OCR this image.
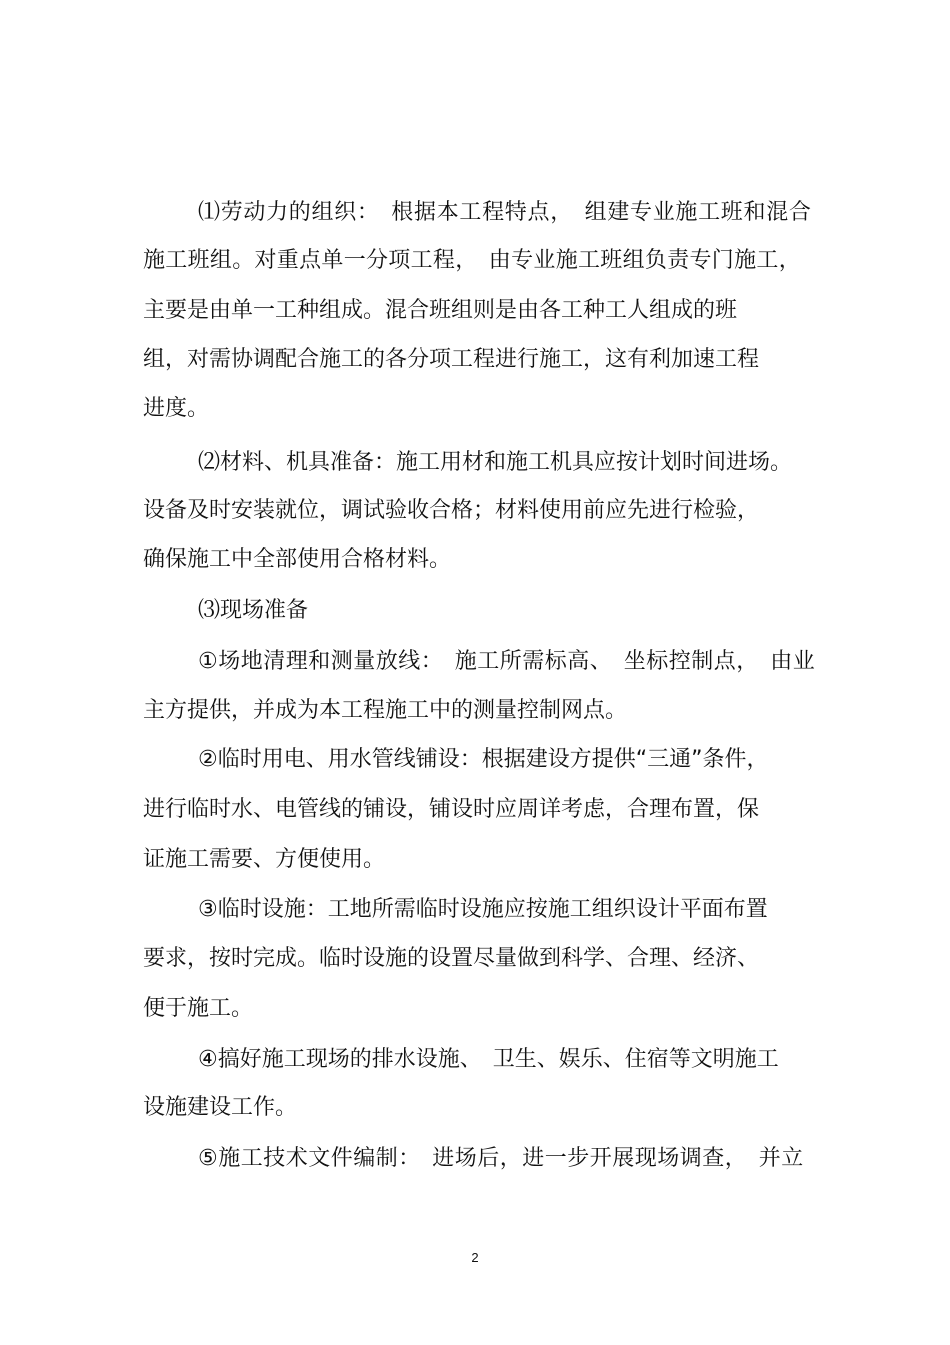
⑴劳动力的组织：　根据本工程特点，　组建专业施工班和混合
施工班组。对重点单一分项工程，　由专业施工班组负责专门施工，
主要是由单一工种组成。混合班组则是由各工种工人组成的班
组，对需协调配合施工的各分项工程进行施工，这有利加速工程
进度。
⑵材料、机具准备：施工用材和施工机具应按计划时间进场。
设备及时安装就位，调试验收合格；材料使用前应先进行检验，
确保施工中全部使用合格材料。
⑶现场准备
①场地清理和测量放线：　施工所需标高、　坐标控制点，　由业
主方提供，并成为本工程施工中的测量控制网点。
②临时用电、用水管线铺设：根据建设方提供“三通”条件，
进行临时水、电管线的铺设，铺设时应周详考虑，合理布置，保
证施工需要、方便使用。
③临时设施：工地所需临时设施应按施工组织设计平面布置
要求，按时完成。临时设施的设置尽量做到科学、合理、经济、
便于施工。
④搞好施工现场的排水设施、　卫生、娱乐、住宿等文明施工
设施建设工作。
⑤施工技术文件编制：　进场后，进一步开展现场调查，　并立
2
